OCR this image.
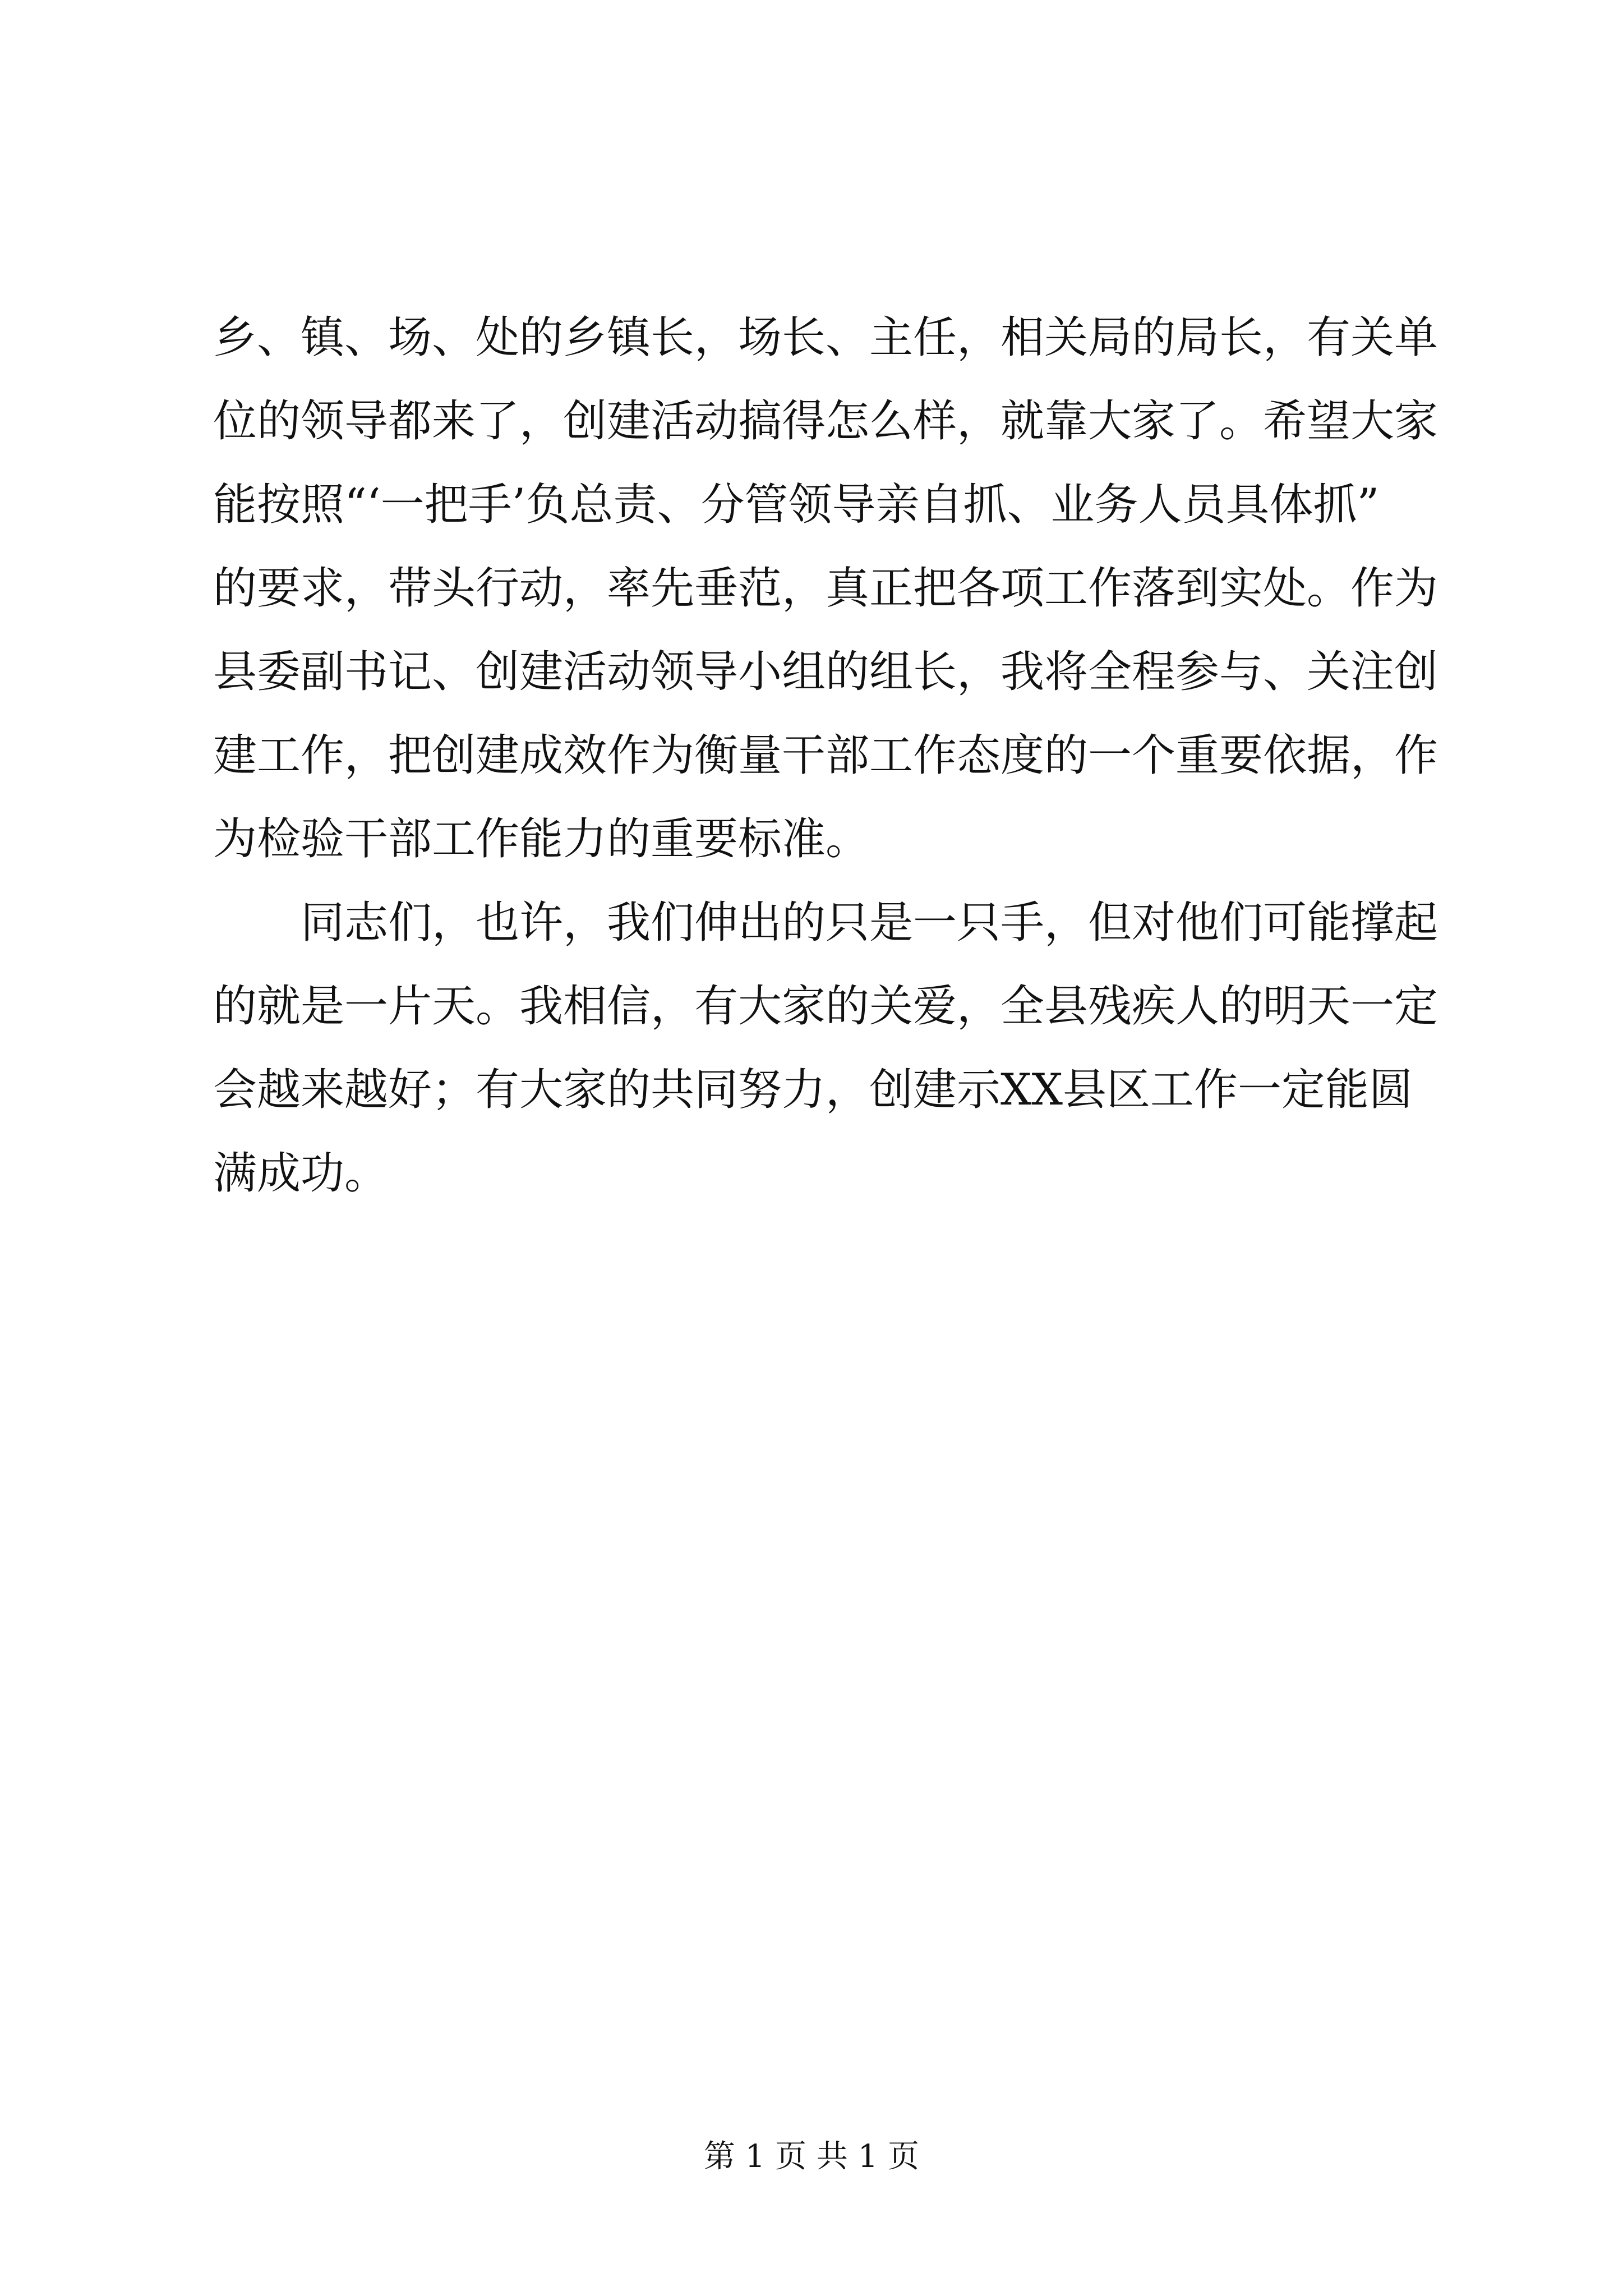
乡、镇、场、处的乡镇长，场长、主任，相关局的局长，有关单
位的领导都来了，创建活动搞得怎么样，就靠大家了。希望大家
能按照“‘一把手’负总责、分管领导亲自抓、业务人员具体抓”
的要求，带头行动，率先垂范，真正把各项工作落到实处。作为
县委副书记、创建活动领导小组的组长，我将全程参与、关注创
建工作，把创建成效作为衡量干部工作态度的一个重要依据，作
为检验干部工作能力的重要标准。
同志们，也许，我们伸出的只是一只手，但对他们可能撑起
的就是一片天。我相信，有大家的关爱，全县残疾人的明天一定
会越来越好；有大家的共同努力，创建示XX县区工作一定能圆
满成功。
第 1 页 共 1 页
